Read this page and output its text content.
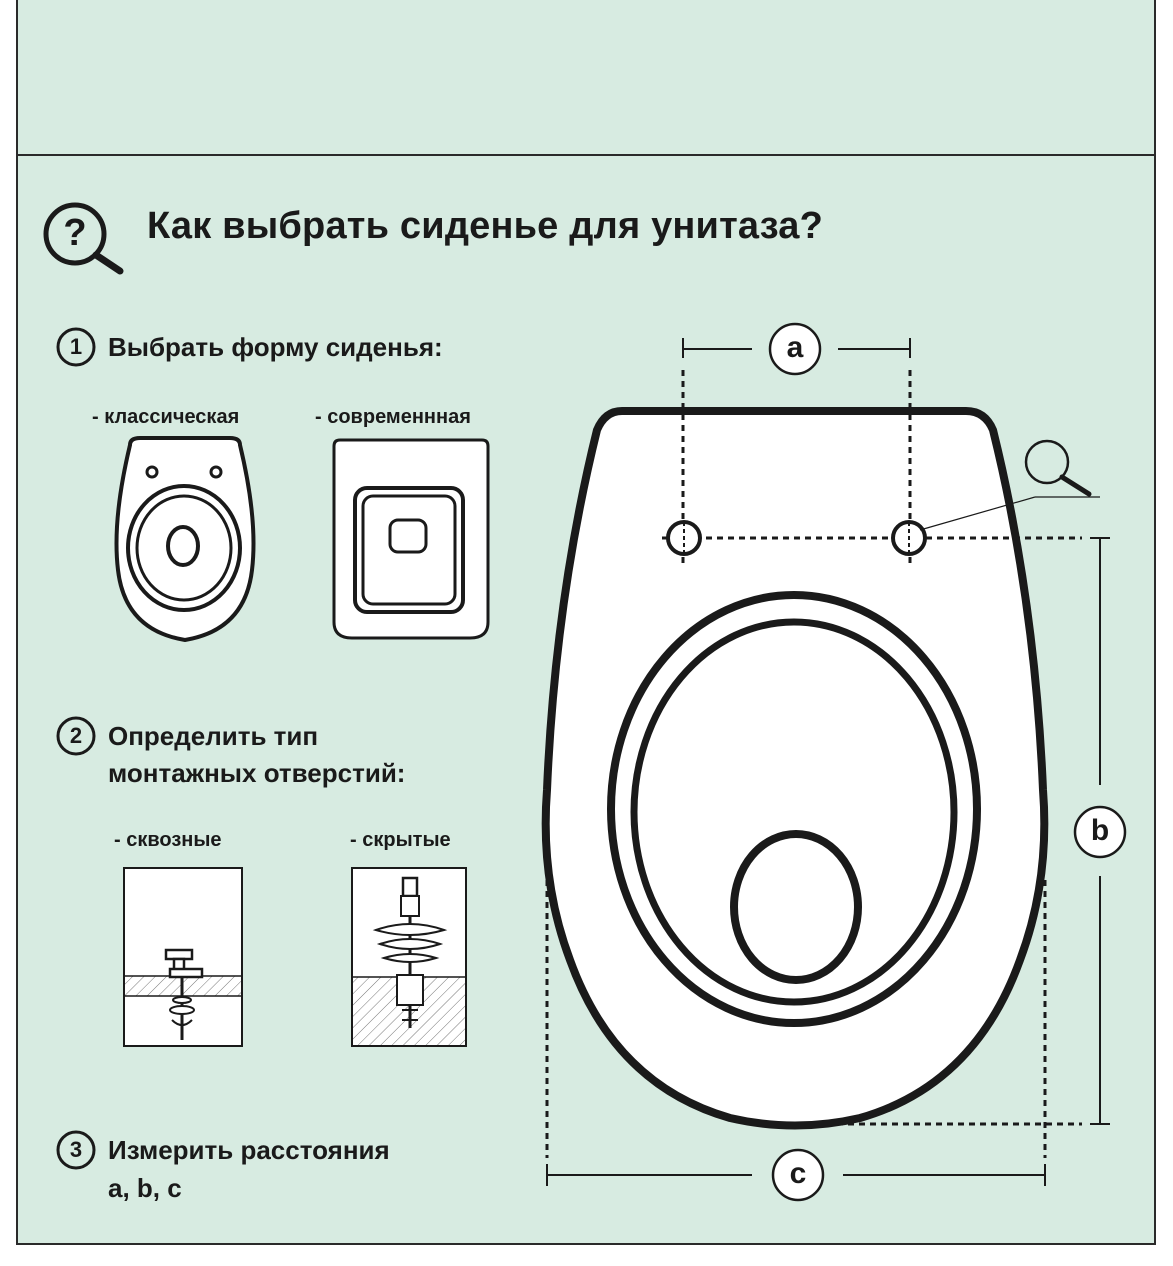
Как выбрать сиденье для унитаза?
?
1 Выбрать форму сиденья:
- классическая	- современнная
2 Определить тип
монтажных отверстий:
- сквозные	- скрытые
3 Измерить расстояния
a, b, c
a
b
c
